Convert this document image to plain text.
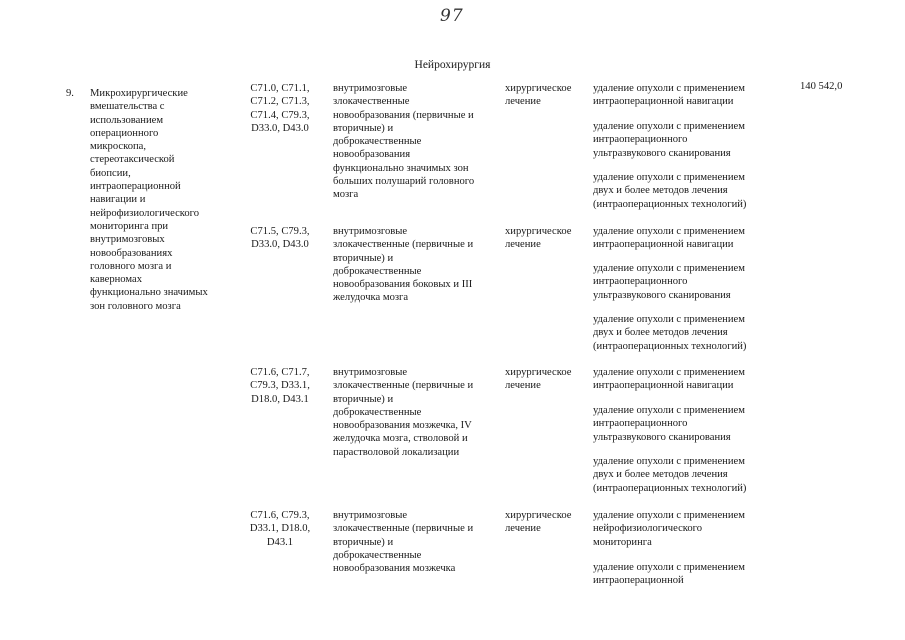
97
Нейрохирургия
9. Микрохирургические
вмешательства с
использованием
операционного
микроскопа,
стереотаксической
биопсии,
интраоперационной
навигации и
нейрофизиологического
мониторинга при
внутримозговых
новообразованиях
головного мозга и
каверномах
функционально значимых
зон головного мозга
140 542,0
C71.0, C71.1,
C71.2, C71.3,
C71.4, C79.3,
D33.0, D43.0
внутримозговые
злокачественные
новообразования (первичные и
вторичные) и
доброкачественные
новообразования
функционально значимых зон
больших полушарий головного
мозга
хирургическое
лечение
удаление опухоли с применением
интраоперационной навигации
удаление опухоли с применением
интраоперационного
ультразвукового сканирования
удаление опухоли с применением
двух и более методов лечения
(интраоперационных технологий)
C71.5, C79.3,
D33.0, D43.0
внутримозговые
злокачественные (первичные и
вторичные) и
доброкачественные
новообразования боковых и III
желудочка мозга
хирургическое
лечение
удаление опухоли с применением
интраоперационной навигации
удаление опухоли с применением
интраоперационного
ультразвукового сканирования
удаление опухоли с применением
двух и более методов лечения
(интраоперационных технологий)
C71.6, C71.7,
C79.3, D33.1,
D18.0, D43.1
внутримозговые
злокачественные (первичные и
вторичные) и
доброкачественные
новообразования мозжечка, IV
желудочка мозга, стволовой и
парастволовой локализации
хирургическое
лечение
удаление опухоли с применением
интраоперационной навигации
удаление опухоли с применением
интраоперационного
ультразвукового сканирования
удаление опухоли с применением
двух и более методов лечения
(интраоперационных технологий)
C71.6, C79.3,
D33.1, D18.0,
D43.1
внутримозговые
злокачественные (первичные и
вторичные) и
доброкачественные
новообразования мозжечка
хирургическое
лечение
удаление опухоли с применением
нейрофизиологического
мониторинга
удаление опухоли с применением
интраоперационной
